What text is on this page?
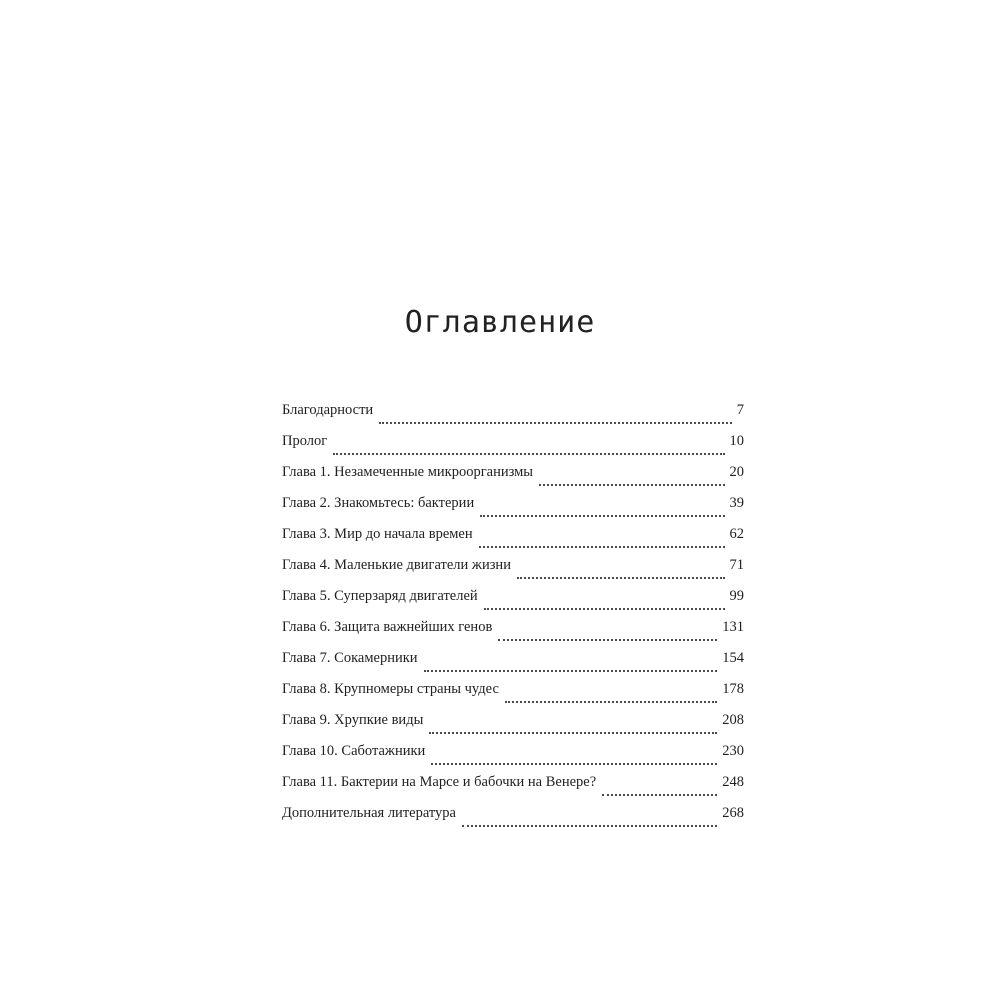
Оглавление
Благодарности	7
Пролог	10
Глава 1. Незамеченные микроорганизмы	20
Глава 2. Знакомьтесь: бактерии	39
Глава 3. Мир до начала времен	62
Глава 4. Маленькие двигатели жизни	71
Глава 5. Суперзаряд двигателей	99
Глава 6. Защита важнейших генов	131
Глава 7. Сокамерники	154
Глава 8. Крупномеры страны чудес	178
Глава 9. Хрупкие виды	208
Глава 10. Саботажники	230
Глава 11. Бактерии на Марсе и бабочки на Венере?	248
Дополнительная литература	268
